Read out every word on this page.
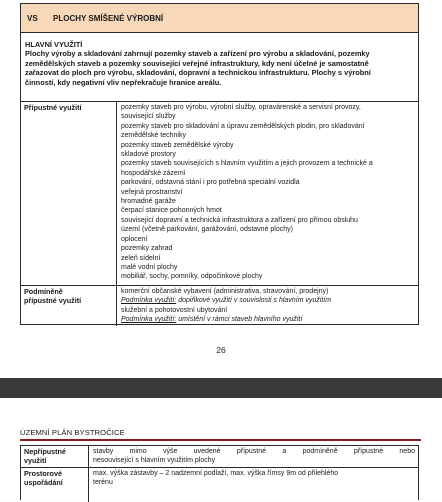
VS PLOCHY SMÍŠENÉ VÝROBNÍ
HLAVNÍ VYUŽITÍ
Plochy výroby a skladování zahrnují pozemky staveb a zařízení pro výrobu a skladování, pozemky
zemědělských staveb a pozemky související veřejné infrastruktury, kdy není účelné je samostatně
zařazovat do ploch pro výrobu, skladování, dopravní a technickou infrastrukturu. Plochy s výrobní
činností, kdy negativní vliv nepřekračuje hranice areálu.
Přípustné využití	pozemky staveb pro výrobu, výrobní služby, opravárenské a servisní provozy,
související služby
pozemky staveb pro skladování a úpravu zemědělských plodin, pro skladování
zemědělské techniky
pozemky staveb zemědělské výroby
skladové prostory
pozemky staveb souvisejících s hlavním využitím a jejich provozem a technické a
hospodářské zázemí
parkování, odstavná stání i pro potřebná speciální vozidla
veřejná prostranství
hromadné garáže
čerpací stanice pohonných hmot
související dopravní a technická infrastruktura a zařízení pro přímou obsluhu
území (včetně parkování, garážování, odstavné plochy)
oplocení
pozemky zahrad
zeleň sídelní
malé vodní plochy
mobiliář, sochy, pomníky, odpočinkové plochy
Podmíněně
přípustné využití
komerční občanské vybavení (administrativa, stravování, prodejny)
Podmínka využití: dopiňkové využití v souvislosti s hlavním využitím
služební a pohotovostní ubytování
Podmínka využití: umístění v rámci staveb hlavního využití
26
ÚZEMNÍ PLÁN BYSTROČICE
Nepřípustné
využití
stavby mimo výše uvedené přípustné a podmíněně přípustné nebo
nesouvisející s hlavním využitím plochy
Prostorové
uspořádání
max. výška zástavby – 2 nadzemní podlaží, max. výška římsy 9m od přilehlého
terénu
